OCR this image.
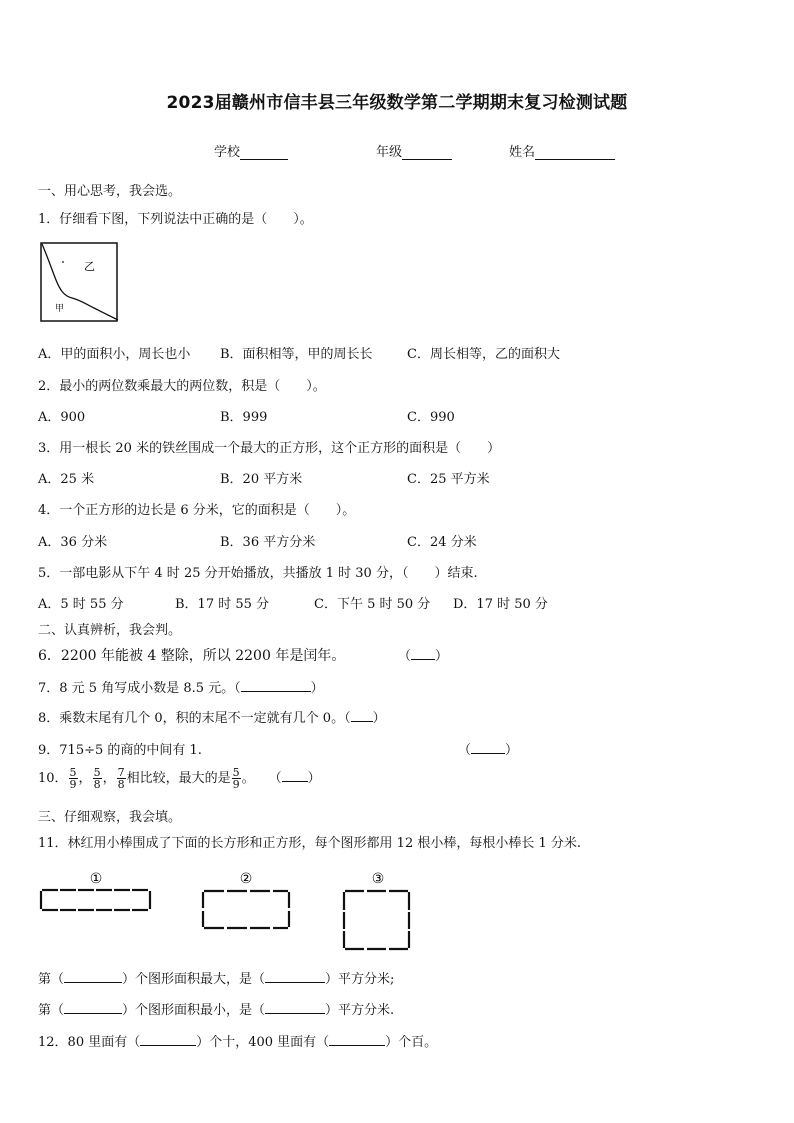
2023届赣州市信丰县三年级数学第二学期期末复习检测试题
学校	年级	姓名
一、用心思考，我会选。
1．仔细看下图，下列说法中正确的是（　　）。
乙
甲
A．甲的面积小，周长也小 B．面积相等，甲的周长长	C．周长相等，乙的面积大
2．最小的两位数乘最大的两位数，积是（　　）。
A．900	B．999	C．990
3．用一根长 20 米的铁丝围成一个最大的正方形，这个正方形的面积是（　　）
A．25 米	B．20 平方米	C．25 平方米
4．一个正方形的边长是 6 分米，它的面积是（　　）。
A．36 分米	B．36 平方分米	C．24 分米
5．一部电影从下午 4 时 25 分开始播放，共播放 1 时 30 分，（　　）结束.
A．5 时 55 分	B．17 时 55 分	C．下午 5 时 50 分 D．17 时 50 分
二、认真辨析，我会判。
6．2200 年能被 4 整除，所以 2200 年是闰年。	（ ）
7．8 元 5 角写成小数是 8.5 元。（	）
8．乘数末尾有几个 0，积的末尾不一定就有几个 0。（ ）
9．715÷5 的商的中间有 1.	（	）
10． $\frac{5}{9}$ ， $\frac{5}{8}$ ， $\frac{7}{8}$ 相比较，最大的是 $\frac{5}{9}$ 。 （ ）
三、仔细观察，我会填。
11．林红用小棒围成了下面的长方形和正方形，每个图形都用 12 根小棒，每根小棒长 1 分米.
①	②	③
第（	）个图形面积最大，是（	）平方分米;
第（	）个图形面积最小，是（	）平方分米.
12．80 里面有（	）个十，400 里面有（	）个百。
